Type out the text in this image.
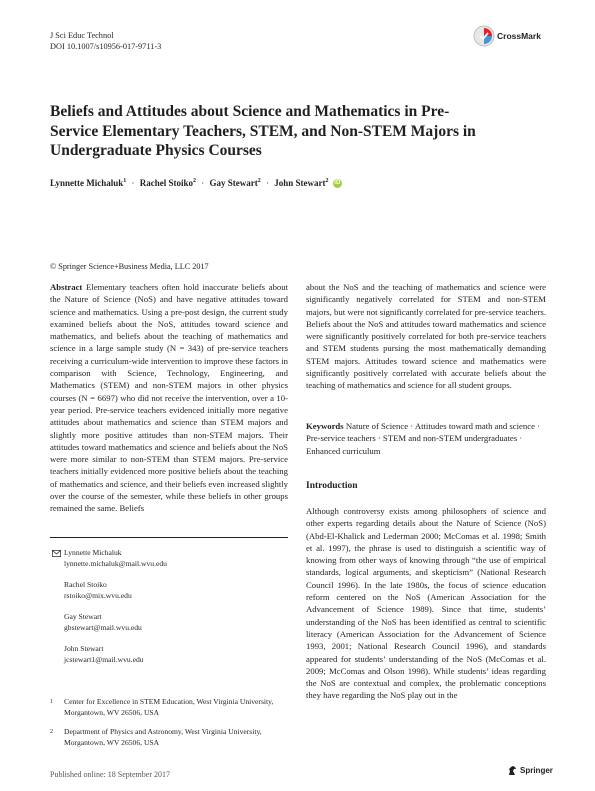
J Sci Educ Technol
DOI 10.1007/s10956-017-9711-3
CrossMark
Beliefs and Attitudes about Science and Mathematics in Pre-Service Elementary Teachers, STEM, and Non-STEM Majors in Undergraduate Physics Courses
Lynnette Michaluk$^1$ · Rachel Stoiko$^2$ · Gay Stewart$^2$ · John Stewart$^2$ iD
© Springer Science+Business Media, LLC 2017
Abstract Elementary teachers often hold inaccurate beliefs about the Nature of Science (NoS) and have negative attitudes toward science and mathematics. Using a pre-post design, the current study examined beliefs about the NoS, attitudes toward science and mathematics, and beliefs about the teaching of mathematics and science in a large sample study (N = 343) of pre-service teachers receiving a curriculum-wide intervention to improve these factors in comparison with Science, Technology, Engineering, and Mathematics (STEM) and non-STEM majors in other physics courses (N = 6697) who did not receive the intervention, over a 10-year period. Pre-service teachers evidenced initially more negative attitudes about mathematics and science than STEM majors and slightly more positive attitudes than non-STEM majors. Their attitudes toward mathematics and science and beliefs about the NoS were more similar to non-STEM than STEM majors. Pre-service teachers initially evidenced more positive beliefs about the teaching of mathematics and science, and their beliefs even increased slightly over the course of the semester, while these beliefs in other groups remained the same. Beliefs
about the NoS and the teaching of mathematics and science were significantly negatively correlated for STEM and non-STEM majors, but were not significantly correlated for pre-service teachers. Beliefs about the NoS and attitudes toward mathematics and science were significantly positively correlated for both pre-service teachers and STEM students pursing the most mathematically demanding STEM majors. Attitudes toward science and mathematics were significantly positively correlated with accurate beliefs about the teaching of mathematics and science for all student groups.
Keywords Nature of Science · Attitudes toward math and science · Pre-service teachers · STEM and non-STEM undergraduates · Enhanced curriculum
Introduction
Although controversy exists among philosophers of science and other experts regarding details about the Nature of Science (NoS) (Abd-El-Khalick and Lederman 2000; McComas et al. 1998; Smith et al. 1997), the phrase is used to distinguish a scientific way of knowing from other ways of knowing through “the use of empirical standards, logical arguments, and skepticism” (National Research Council 1996). In the late 1980s, the focus of science education reform centered on the NoS (American Association for the Advancement of Science 1989). Since that time, students’ understanding of the NoS has been identified as central to scientific literacy (American Association for the Advancement of Science 1993, 2001; National Research Council 1996), and standards appeared for students’ understanding of the NoS (McComas et al. 2009; McComas and Olson 1998). While students’ ideas regarding the NoS are contextual and complex, the problematic conceptions they have regarding the NoS play out in the
Lynnette Michaluk
lynnette.michaluk@mail.wvu.edu
Rachel Stoiko
rstoiko@mix.wvu.edu
Gay Stewart
gbstewart@mail.wvu.edu
John Stewart
jcstewart1@mail.wvu.edu
1 Center for Excellence in STEM Education, West Virginia University, Morgantown, WV 26506, USA
2 Department of Physics and Astronomy, West Virginia University, Morgantown, WV 26506, USA
Published online: 18 September 2017	Springer
